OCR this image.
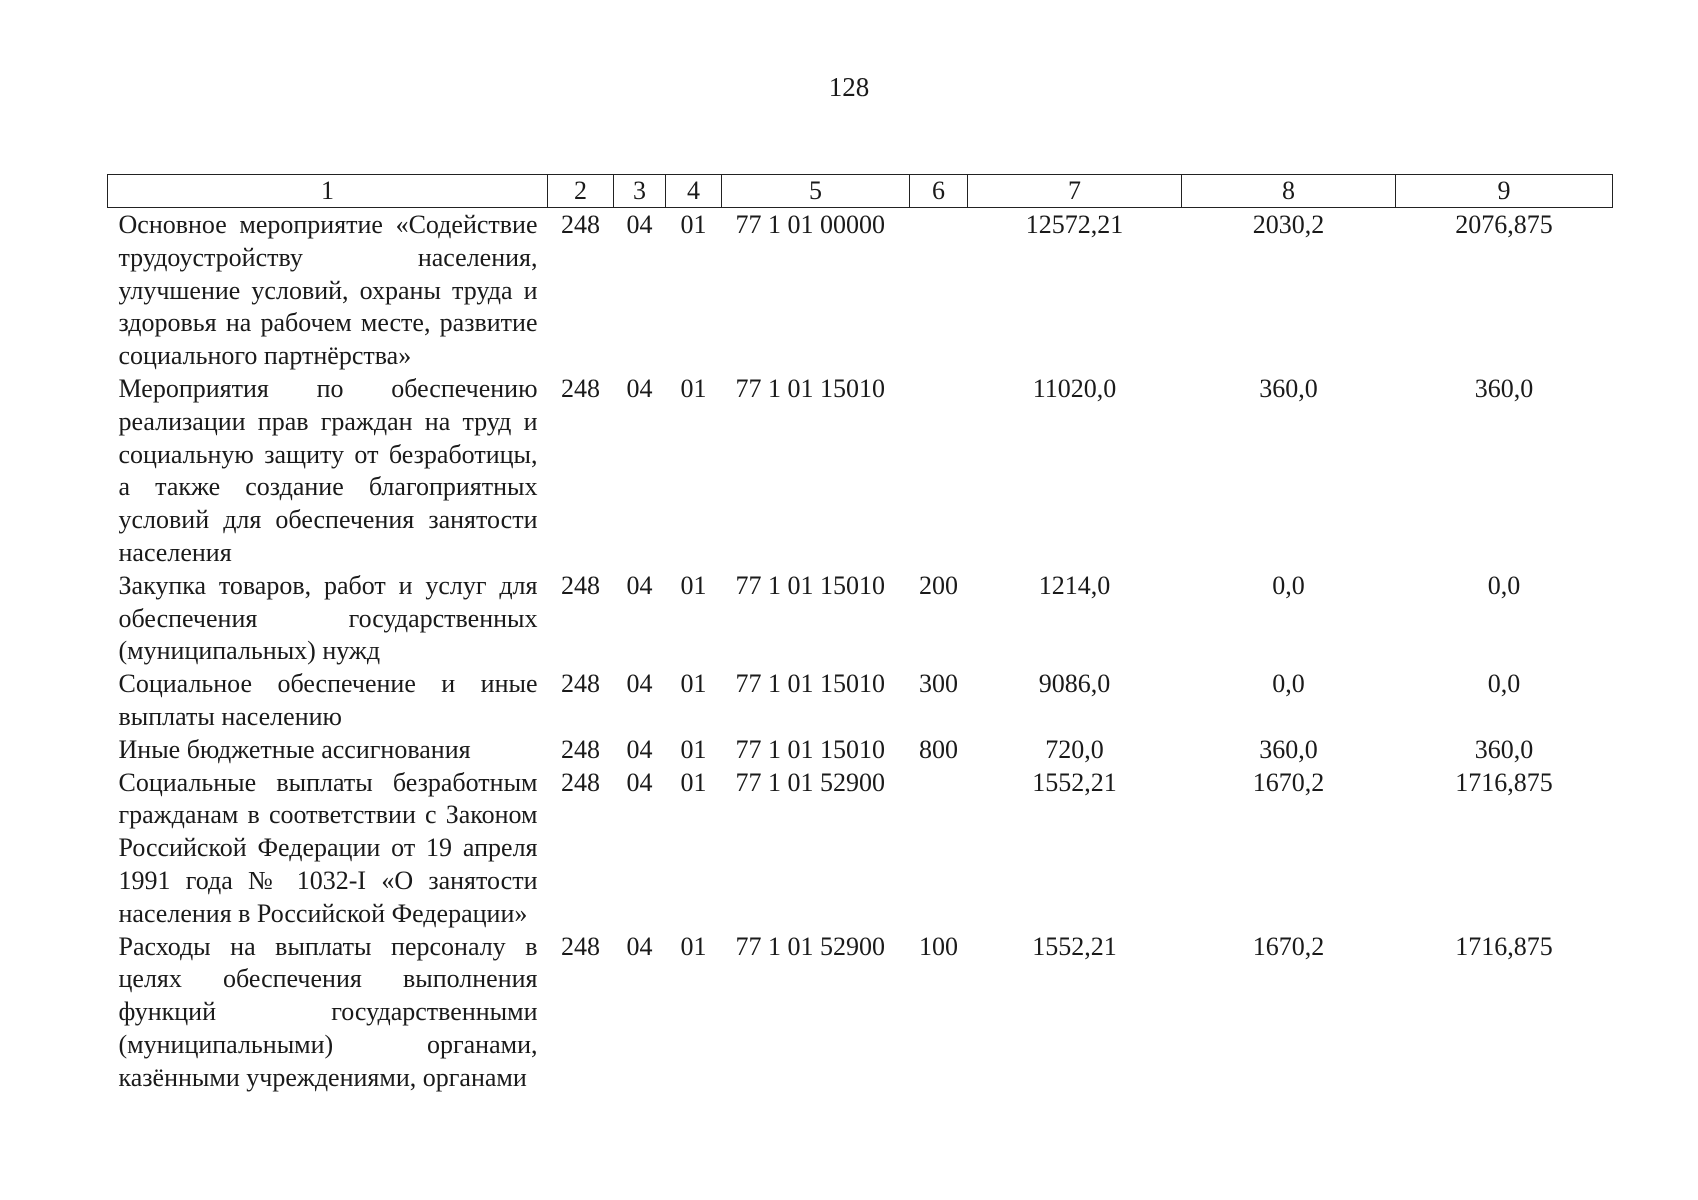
128
1	2	3	4	5	6	7	8	9
Основное мероприятие «Содействие трудоустройству населения, улучшение условий, охраны труда и здоровья на рабочем месте, развитие социального партнёрства»	248	04	01	77 1 01 00000		12572,21	2030,2	2076,875
Мероприятия по обеспечению реализации прав граждан на труд и социальную защиту от безработицы, а также создание благоприятных условий для обеспечения занятости населения	248	04	01	77 1 01 15010		11020,0	360,0	360,0
Закупка товаров, работ и услуг для обеспечения государственных (муниципальных) нужд	248	04	01	77 1 01 15010	200	1214,0	0,0	0,0
Социальное обеспечение и иные выплаты населению	248	04	01	77 1 01 15010	300	9086,0	0,0	0,0
Иные бюджетные ассигнования	248	04	01	77 1 01 15010	800	720,0	360,0	360,0
Социальные выплаты безработным гражданам в соответствии с Законом Российской Федерации от 19 апреля 1991 года № 1032-I «О занятости населения в Российской Федерации»	248	04	01	77 1 01 52900		1552,21	1670,2	1716,875
Расходы на выплаты персоналу в целях обеспечения выполнения функций государственными (муниципальными) органами, казёнными учреждениями, органами	248	04	01	77 1 01 52900	100	1552,21	1670,2	1716,875
